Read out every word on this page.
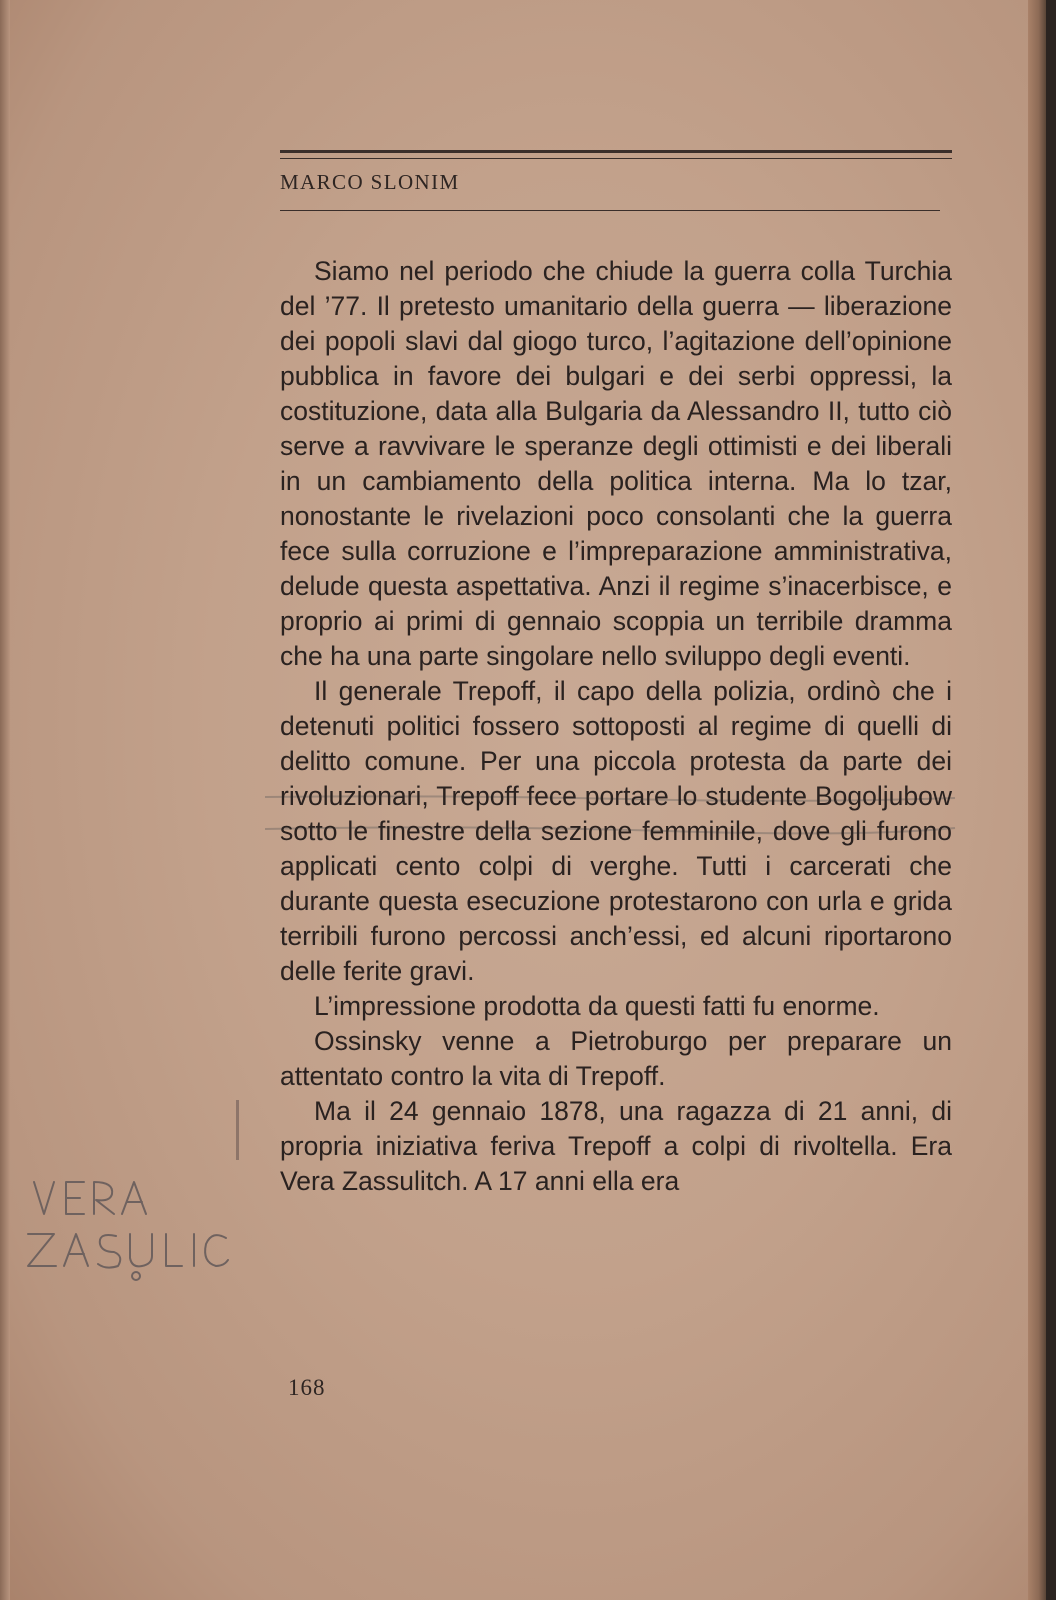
MARCO SLONIM

Siamo nel periodo che chiude la guerra colla Turchia del ’77. Il pretesto umanitario della guerra — liberazione dei popoli slavi dal giogo turco, l’agitazione dell’opinione pubblica in favore dei bulgari e dei serbi oppressi, la costituzione, data alla Bulgaria da Alessandro II, tutto ciò serve a ravvivare le speranze degli ottimisti e dei liberali in un cambiamento della politica interna. Ma lo tzar, nonostante le rivelazioni poco consolanti che la guerra fece sulla corruzione e l’impreparazione amministrativa, delude questa aspettativa. Anzi il regime s’inacerbisce, e proprio ai primi di gennaio scoppia un terribile dramma che ha una parte singolare nello sviluppo degli eventi.

Il generale Trepoff, il capo della polizia, ordinò che i detenuti politici fossero sottoposti al regime di quelli di delitto comune. Per una piccola protesta da parte dei rivoluzionari, Trepoff fece portare lo studente Bogoljubow sotto le finestre della sezione femminile, dove gli furono applicati cento colpi di verghe. Tutti i carcerati che durante questa esecuzione protestarono con urla e grida terribili furono percossi anch’essi, ed alcuni riportarono delle ferite gravi.

L’impressione prodotta da questi fatti fu enorme.

Ossinsky venne a Pietroburgo per preparare un attentato contro la vita di Trepoff.

Ma il 24 gennaio 1878, una ragazza di 21 anni, di propria iniziativa feriva Trepoff a colpi di rivoltella. Era Vera Zassulitch. A 17 anni ella era

168
